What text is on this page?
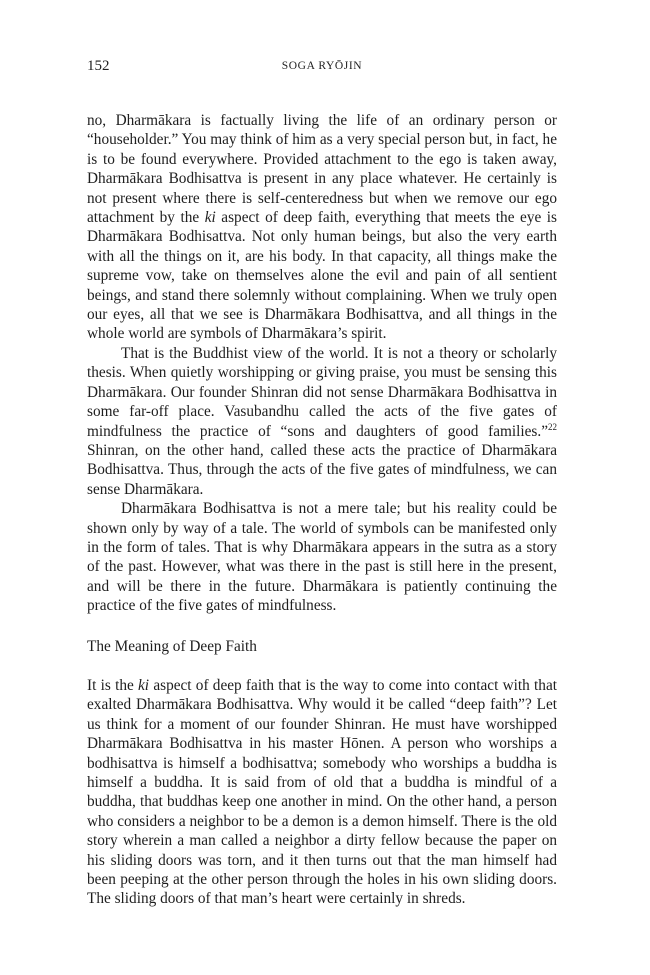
152	SOGA RYŌJIN

no, Dharmākara is factually living the life of an ordinary person or “householder.” You may think of him as a very special person but, in fact, he is to be found everywhere. Provided attachment to the ego is taken away, Dharmākara Bodhisattva is present in any place whatever. He certainly is not present where there is self-centeredness but when we remove our ego attachment by the ki aspect of deep faith, everything that meets the eye is Dharmākara Bodhisattva. Not only human beings, but also the very earth with all the things on it, are his body. In that capacity, all things make the supreme vow, take on themselves alone the evil and pain of all sentient beings, and stand there solemnly without complaining. When we truly open our eyes, all that we see is Dharmākara Bodhisattva, and all things in the whole world are symbols of Dharmākara’s spirit.

That is the Buddhist view of the world. It is not a theory or scholarly thesis. When quietly worshipping or giving praise, you must be sensing this Dharmākara. Our founder Shinran did not sense Dharmākara Bodhisattva in some far-off place. Vasubandhu called the acts of the five gates of mindfulness the practice of “sons and daughters of good families.”$^{22}$ Shinran, on the other hand, called these acts the practice of Dharmākara Bodhisattva. Thus, through the acts of the five gates of mindfulness, we can sense Dharmākara.

Dharmākara Bodhisattva is not a mere tale; but his reality could be shown only by way of a tale. The world of symbols can be manifested only in the form of tales. That is why Dharmākara appears in the sutra as a story of the past. However, what was there in the past is still here in the present, and will be there in the future. Dharmākara is patiently continuing the practice of the five gates of mindfulness.

The Meaning of Deep Faith

It is the ki aspect of deep faith that is the way to come into contact with that exalted Dharmākara Bodhisattva. Why would it be called “deep faith”? Let us think for a moment of our founder Shinran. He must have worshipped Dharmākara Bodhisattva in his master Hōnen. A person who worships a bodhisattva is himself a bodhisattva; somebody who worships a buddha is himself a buddha. It is said from of old that a buddha is mindful of a buddha, that buddhas keep one another in mind. On the other hand, a person who considers a neighbor to be a demon is a demon himself. There is the old story wherein a man called a neighbor a dirty fellow because the paper on his sliding doors was torn, and it then turns out that the man himself had been peeping at the other person through the holes in his own sliding doors. The sliding doors of that man’s heart were certainly in shreds.
